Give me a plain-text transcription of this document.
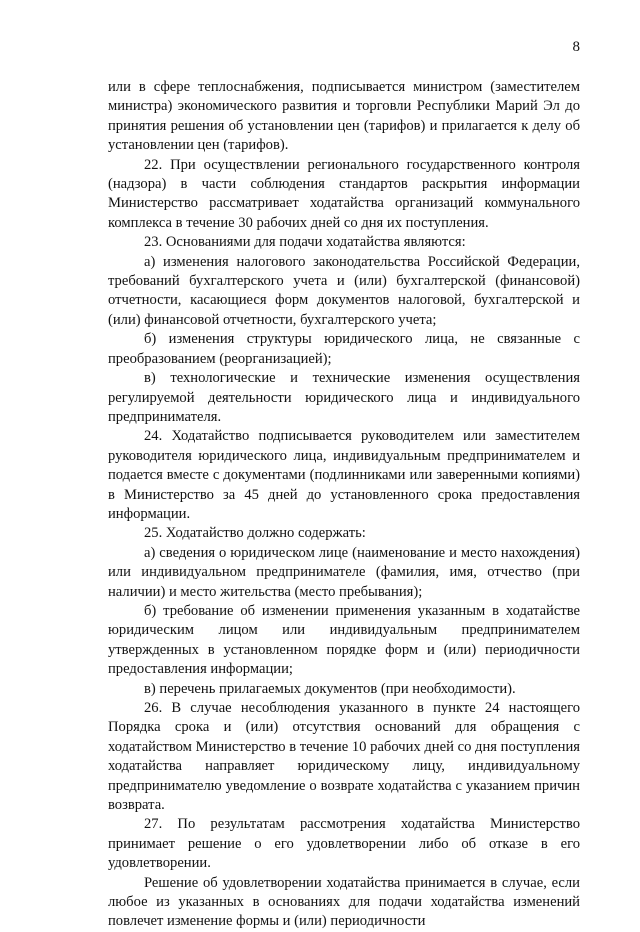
8

или в сфере теплоснабжения, подписывается министром (заместителем министра) экономического развития и торговли Республики Марий Эл до принятия решения об установлении цен (тарифов) и прилагается к делу об установлении цен (тарифов).

22. При осуществлении регионального государственного контроля (надзора) в части соблюдения стандартов раскрытия информации Министерство рассматривает ходатайства организаций коммунального комплекса в течение 30 рабочих дней со дня их поступления.

23. Основаниями для подачи ходатайства являются:

а) изменения налогового законодательства Российской Федерации, требований бухгалтерского учета и (или) бухгалтерской (финансовой) отчетности, касающиеся форм документов налоговой, бухгалтерской и (или) финансовой отчетности, бухгалтерского учета;

б) изменения структуры юридического лица, не связанные с преобразованием (реорганизацией);

в) технологические и технические изменения осуществления регулируемой деятельности юридического лица и индивидуального предпринимателя.

24. Ходатайство подписывается руководителем или заместителем руководителя юридического лица, индивидуальным предпринимателем и подается вместе с документами (подлинниками или заверенными копиями) в Министерство за 45 дней до установленного срока предоставления информации.

25. Ходатайство должно содержать:

а) сведения о юридическом лице (наименование и место нахождения) или индивидуальном предпринимателе (фамилия, имя, отчество (при наличии) и место жительства (место пребывания);

б) требование об изменении применения указанным в ходатайстве юридическим лицом или индивидуальным предпринимателем утвержденных в установленном порядке форм и (или) периодичности предоставления информации;

в) перечень прилагаемых документов (при необходимости).

26. В случае несоблюдения указанного в пункте 24 настоящего Порядка срока и (или) отсутствия оснований для обращения с ходатайством Министерство в течение 10 рабочих дней со дня поступления ходатайства направляет юридическому лицу, индивидуальному предпринимателю уведомление о возврате ходатайства с указанием причин возврата.

27. По результатам рассмотрения ходатайства Министерство принимает решение о его удовлетворении либо об отказе в его удовлетворении.

Решение об удовлетворении ходатайства принимается в случае, если любое из указанных в основаниях для подачи ходатайства изменений повлечет изменение формы и (или) периодичности
